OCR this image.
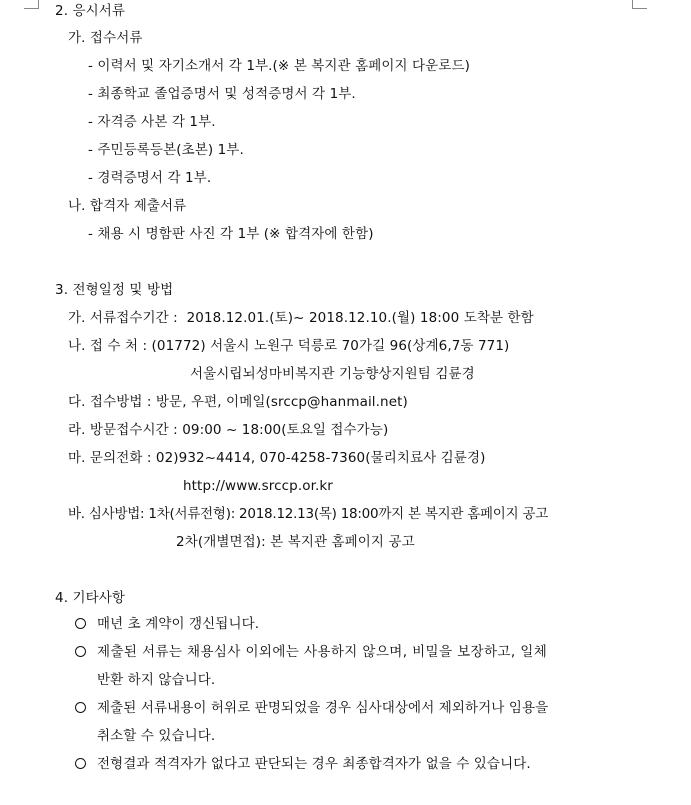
2. 응시서류
가. 접수서류
- 이력서 및 자기소개서 각 1부.(※ 본 복지관 홈페이지 다운로드)
- 최종학교 졸업증명서 및 성적증명서 각 1부.
- 자격증 사본 각 1부.
- 주민등록등본(초본) 1부.
- 경력증명서 각 1부.
나. 합격자 제출서류
- 채용 시 명함판 사진 각 1부 (※ 합격자에 한함)
3. 전형일정 및 방법
가. 서류접수기간 :  2018.12.01.(토)~ 2018.12.10.(월) 18:00 도착분 한함
나. 접 수 처 : (01772) 서울시 노원구 덕릉로 70가길 96(상계6,7동 771)
서울시립뇌성마비복지관 기능향상지원팀 김륜경
다. 접수방법 : 방문, 우편, 이메일(srccp@hanmail.net)
라. 방문접수시간 : 09:00 ~ 18:00(토요일 접수가능)
마. 문의전화 : 02)932~4414, 070-4258-7360(물리치료사 김륜경)
http://www.srccp.or.kr
바. 심사방법: 1차(서류전형): 2018.12.13(목) 18:00까지 본 복지관 홈페이지 공고
2차(개별면접): 본 복지관 홈페이지 공고
4. 기타사항
매년 초 계약이 갱신됩니다.
제출된 서류는 채용심사 이외에는 사용하지 않으며, 비밀을 보장하고, 일체
반환 하지 않습니다.
제출된 서류내용이 허위로 판명되었을 경우 심사대상에서 제외하거나 임용을
취소할 수 있습니다.
전형결과 적격자가 없다고 판단되는 경우 최종합격자가 없을 수 있습니다.
